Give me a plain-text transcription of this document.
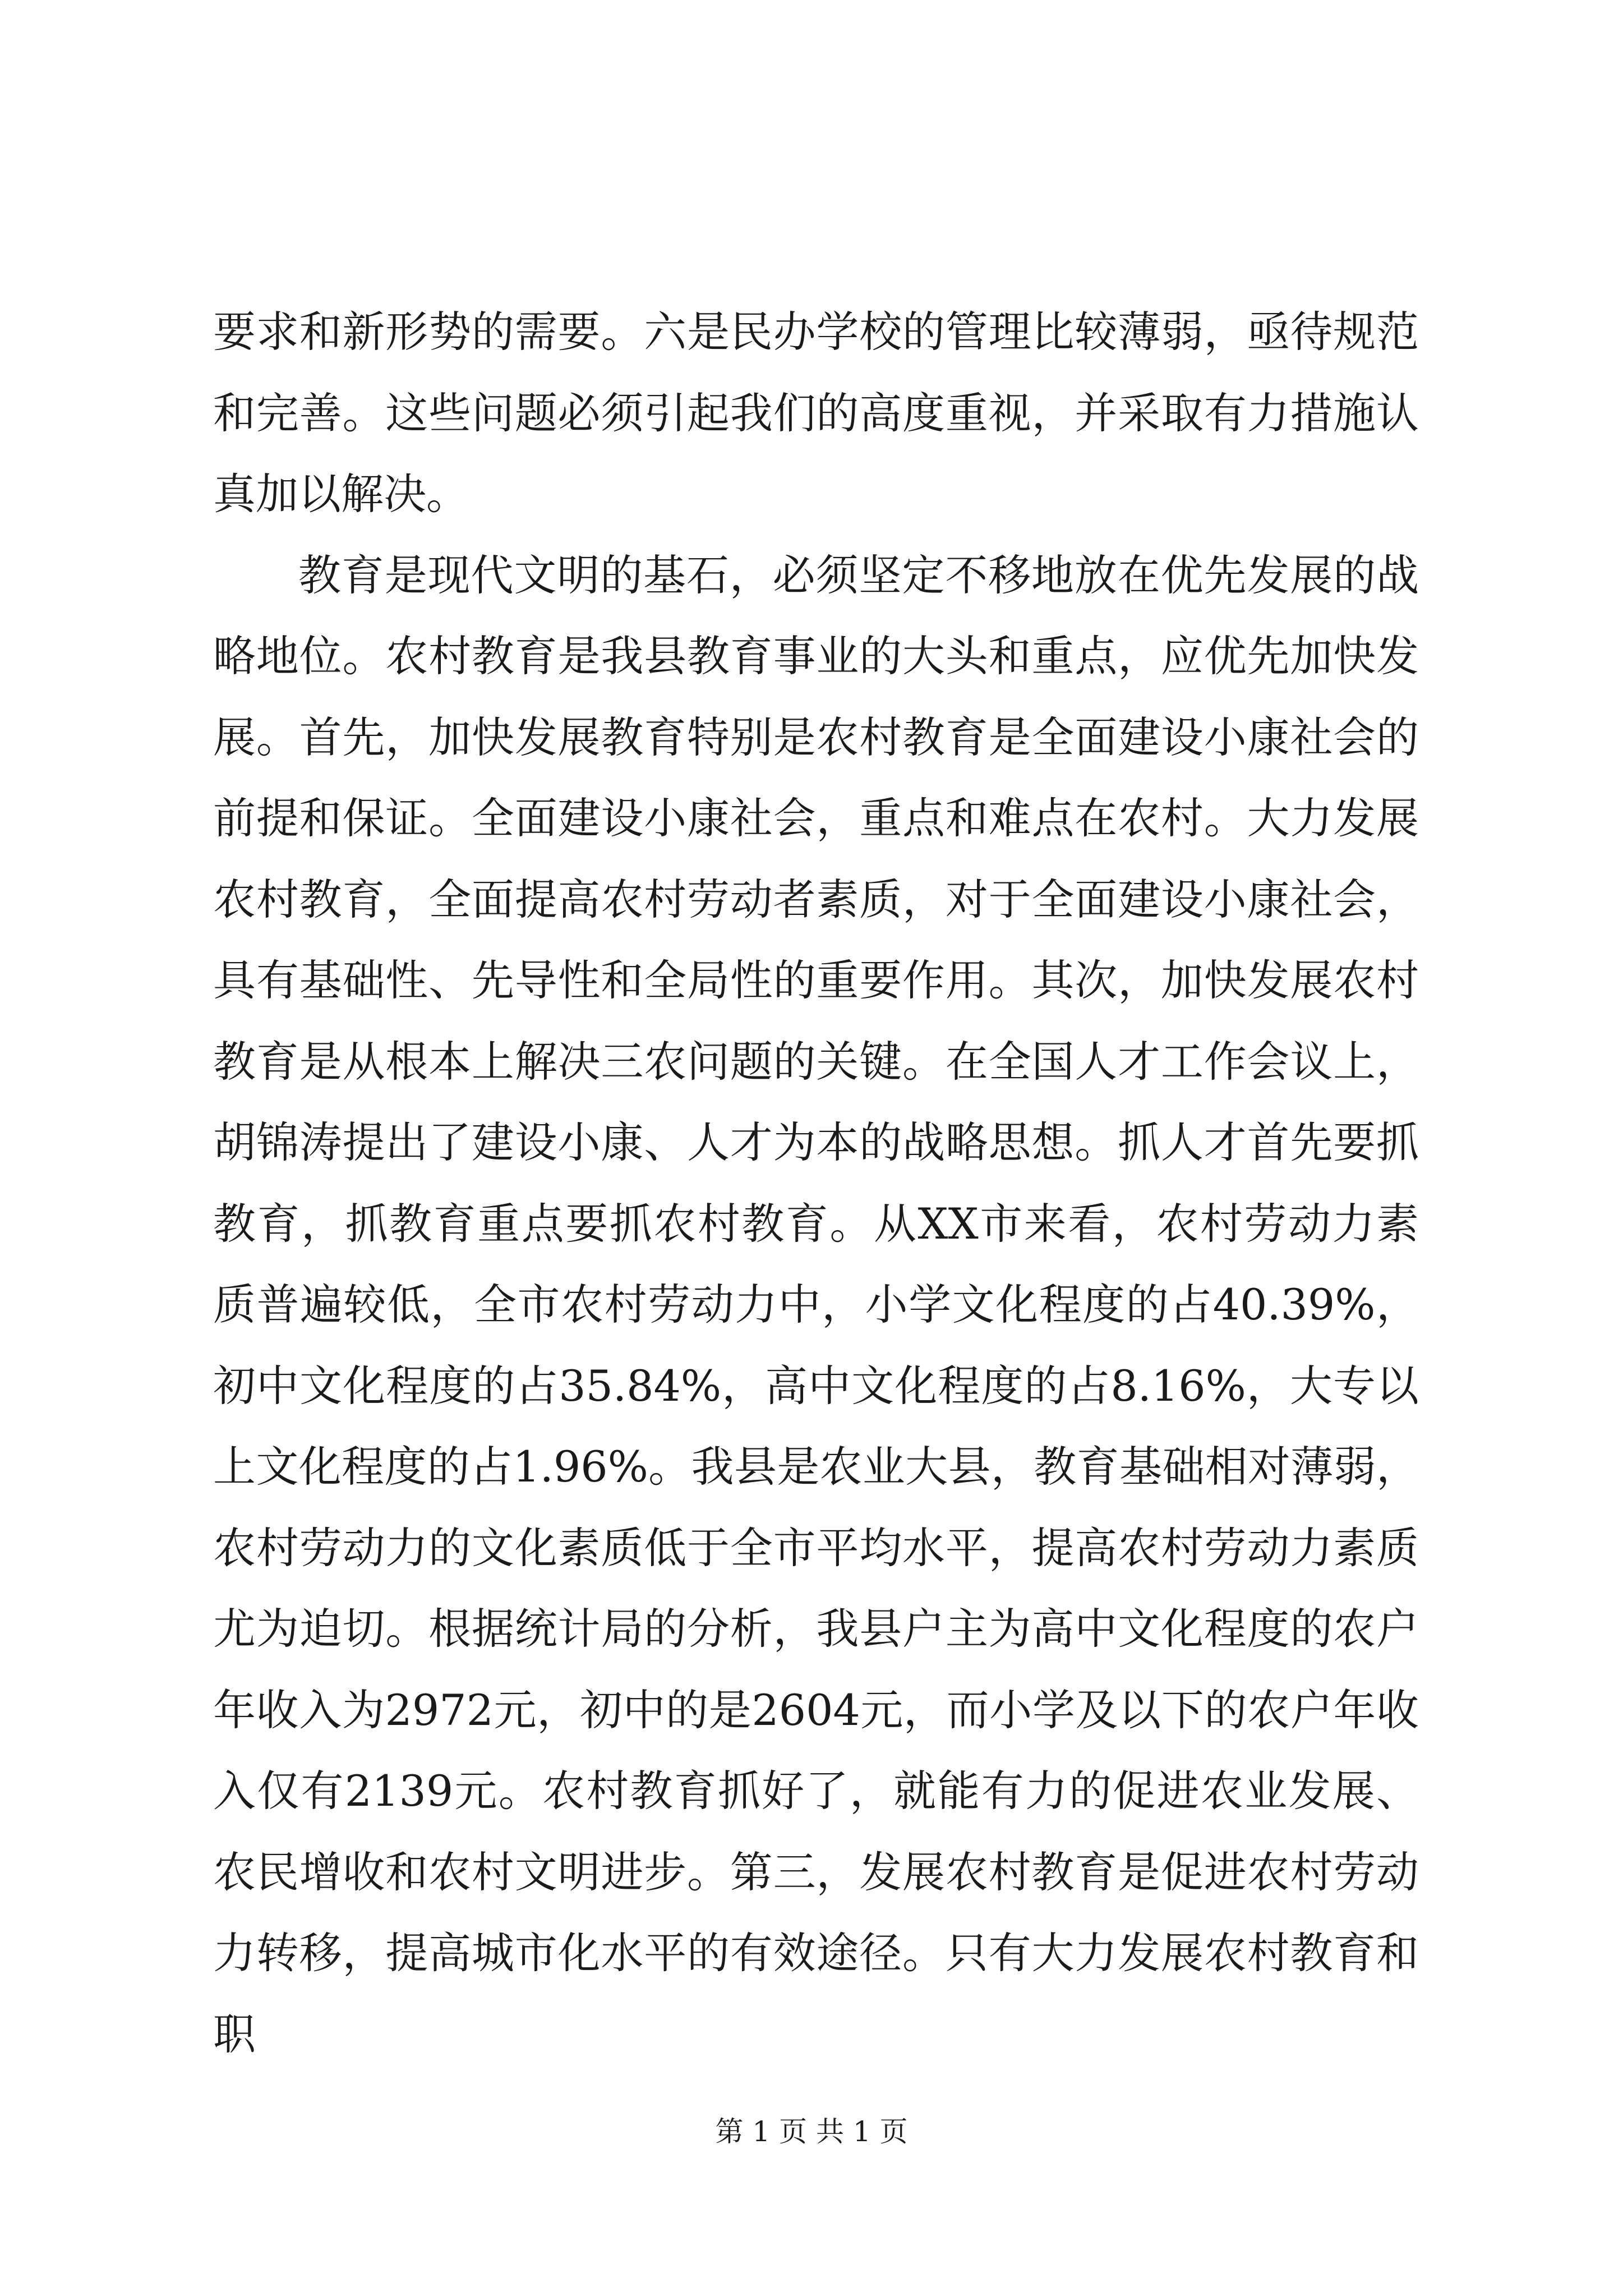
要求和新形势的需要。六是民办学校的管理比较薄弱，亟待规范和完善。这些问题必须引起我们的高度重视，并采取有力措施认真加以解决。

教育是现代文明的基石，必须坚定不移地放在优先发展的战略地位。农村教育是我县教育事业的大头和重点，应优先加快发展。首先，加快发展教育特别是农村教育是全面建设小康社会的前提和保证。全面建设小康社会，重点和难点在农村。大力发展农村教育，全面提高农村劳动者素质，对于全面建设小康社会，具有基础性、先导性和全局性的重要作用。其次，加快发展农村教育是从根本上解决三农问题的关键。在全国人才工作会议上，胡锦涛提出了建设小康、人才为本的战略思想。抓人才首先要抓教育，抓教育重点要抓农村教育。从XX市来看，农村劳动力素质普遍较低，全市农村劳动力中，小学文化程度的占40.39%，初中文化程度的占35.84%，高中文化程度的占8.16%，大专以上文化程度的占1.96%。我县是农业大县，教育基础相对薄弱，农村劳动力的文化素质低于全市平均水平，提高农村劳动力素质尤为迫切。根据统计局的分析，我县户主为高中文化程度的农户年收入为2972元，初中的是2604元，而小学及以下的农户年收入仅有2139元。农村教育抓好了，就能有力的促进农业发展、农民增收和农村文明进步。第三，发展农村教育是促进农村劳动力转移，提高城市化水平的有效途径。只有大力发展农村教育和职

第 1 页 共 1 页
